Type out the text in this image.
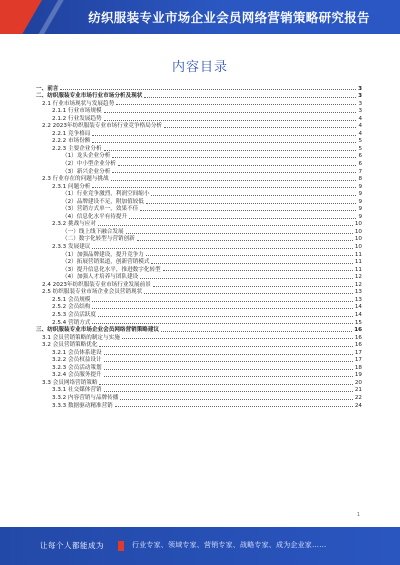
纺织服装专业市场企业会员网络营销策略研究报告
内容目录
一、前言	3
二、纺织服装专业市场行业市场分析及现状	3
2.1 行业市场现状与发展趋势	3
2.1.1 行业市场规模	3
2.1.2 行业发展趋势	4
2.2 2023年纺织服装专业市场行业竞争格局分析	4
2.2.1 竞争格局	4
2.2.2 市场份额	5
2.2.3 主要企业分析	5
（1）龙头企业分析	6
（2）中小型企业分析	6
（3）新兴企业分析	7
2.3 行业存在的问题与挑战	8
2.3.1 问题分析	9
（1）行业竞争激烈，利润空间缩小	9
（2）品牌建设不足，附加值较低	9
（3）营销方式单一，效果不佳	9
（4）信息化水平有待提升	9
2.3.2 挑战与应对	10
（一）线上线下融合发展	10
（二）数字化转型与营销创新	10
2.3.3 发展建议	10
（1）加强品牌建设，提升竞争力	11
（2）拓展营销渠道，创新营销模式	11
（3）提升信息化水平，推进数字化转型	11
（4）加强人才培养与团队建设	12
2.4 2023年纺织服装专业市场行业发展前景	12
2.5 纺织服装专业市场企业会员营销现状	13
2.5.1 会员规模	13
2.5.2 会员结构	14
2.5.3 会员活跃度	14
2.5.4 营销方式	15
三、纺织服装专业市场企业会员网络营销策略建议	16
3.1 会员营销策略的制定与实施	16
3.2 会员营销策略优化	16
3.2.1 会员体系建设	17
3.2.2 会员权益设计	17
3.2.3 会员活动策划	18
3.2.4 会员服务提升	19
3.3 会员网络营销策略	20
3.3.1 社交媒体营销	21
3.3.2 内容营销与品牌传播	22
3.3.3 数据驱动精准营销	24
1
让每个人都能成为	行业专家、领域专家、营销专家、战略专家、成为企业家……
